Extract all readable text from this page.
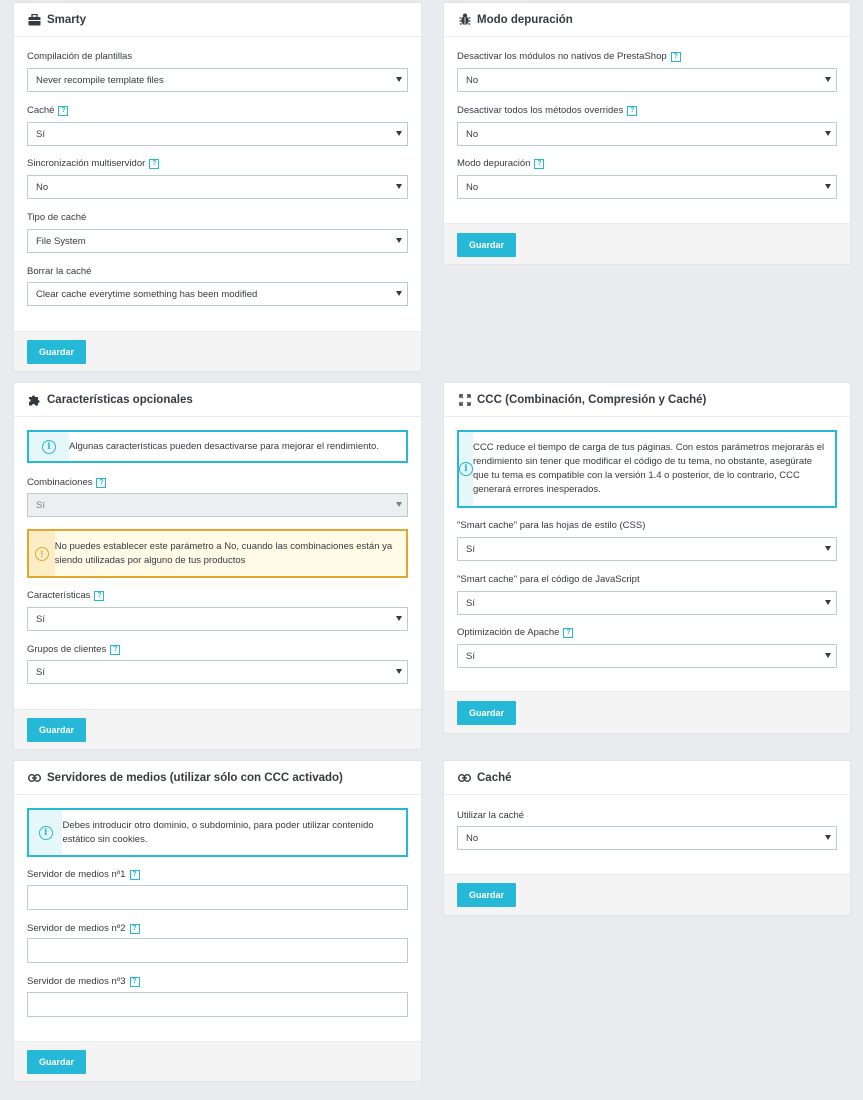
Smarty
Compilación de plantillas
Never recompile template files
Caché ?
Sí
Sincronización multiservidor ?
No
Tipo de caché
File System
Borrar la caché
Clear cache everytime something has been modified
Guardar
Características opcionales
i	Algunas características pueden desactivarse para mejorar el rendimiento.
Combinaciones ?
Sí
!
No puedes establecer este parámetro a No, cuando las combinaciones están ya siendo utilizadas por alguno de tus productos
Características ?
Sí
Grupos de clientes ?
Sí
Guardar
Servidores de medios (utilizar sólo con CCC activado)
i
Debes introducir otro dominio, o subdominio, para poder utilizar contenido estático sin cookies.
Servidor de medios nº1 ?
Servidor de medios nº2 ?
Servidor de medios nº3 ?
Guardar
Modo depuración
Desactivar los módulos no nativos de PrestaShop ?
No
Desactivar todos los métodos overrides ?
No
Modo depuración ?
No
Guardar
CCC (Combinación, Compresión y Caché)
i
CCC reduce el tiempo de carga de tus páginas. Con estos parámetros mejorarás el rendimiento sin tener que modificar el código de tu tema, no obstante, asegúrate que tu tema es compatible con la versión 1.4 o posterior, de lo contrario, CCC generará errores inesperados.
"Smart cache" para las hojas de estilo (CSS)
Sí
"Smart cache" para el código de JavaScript
Sí
Optimización de Apache ?
Sí
Guardar
Caché
Utilizar la caché
No
Guardar
